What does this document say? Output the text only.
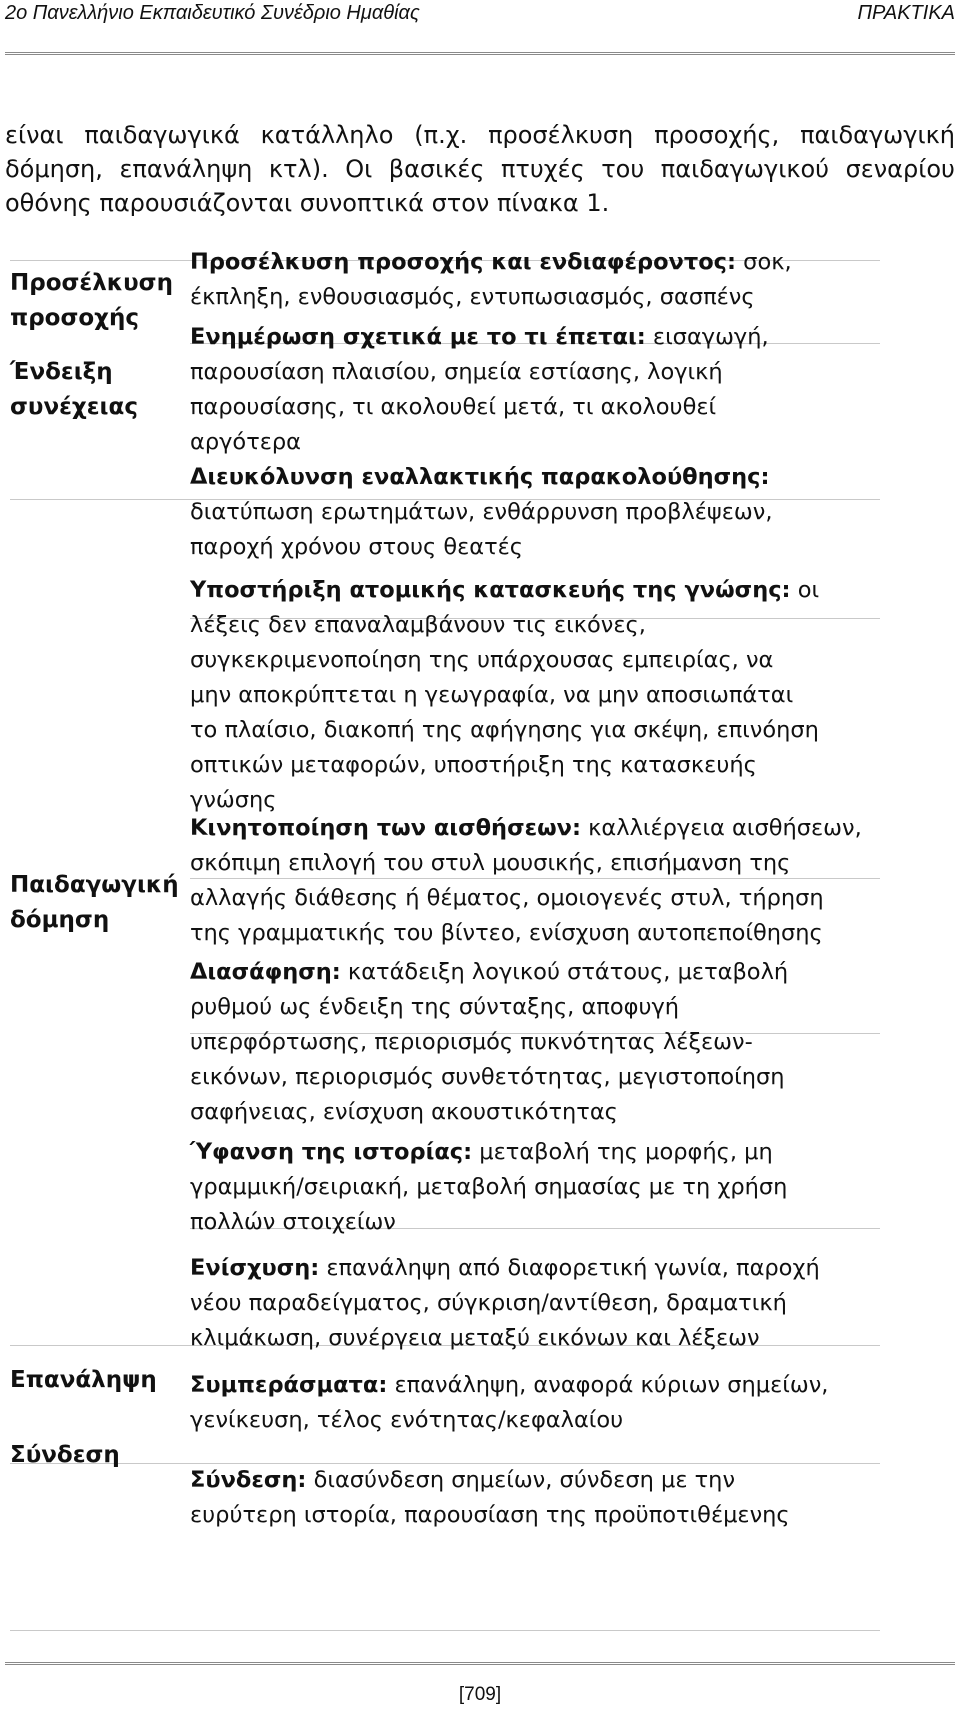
2ο Πανελλήνιο Εκπαιδευτικό Συνέδριο Ημαθίας	ΠΡΑΚΤΙΚΑ
είναι παιδαγωγικά κατάλληλο (π.χ. προσέλκυση προσοχής, παιδαγωγική
δόμηση, επανάληψη κτλ). Οι βασικές πτυχές του παιδαγωγικού σεναρίου
οθόνης παρουσιάζονται συνοπτικά στον πίνακα 1.
Προσέλκυση
προσοχής
Ένδειξη
συνέχειας
Παιδαγωγική
δόμηση
Επανάληψη
Σύνδεση
Προσέλκυση προσοχής και ενδιαφέροντος: σοκ,
έκπληξη, ενθουσιασμός, εντυπωσιασμός, σασπένς
Ενημέρωση σχετικά με το τι έπεται: εισαγωγή,
παρουσίαση πλαισίου, σημεία εστίασης, λογική
παρουσίασης, τι ακολουθεί μετά, τι ακολουθεί
αργότερα
Διευκόλυνση εναλλακτικής παρακολούθησης:
διατύπωση ερωτημάτων, ενθάρρυνση προβλέψεων,
παροχή χρόνου στους θεατές
Υποστήριξη ατομικής κατασκευής της γνώσης: οι
λέξεις δεν επαναλαμβάνουν τις εικόνες,
συγκεκριμενοποίηση της υπάρχουσας εμπειρίας, να
μην αποκρύπτεται η γεωγραφία, να μην αποσιωπάται
το πλαίσιο, διακοπή της αφήγησης για σκέψη, επινόηση
οπτικών μεταφορών, υποστήριξη της κατασκευής
γνώσης
Κινητοποίηση των αισθήσεων: καλλιέργεια αισθήσεων,
σκόπιμη επιλογή του στυλ μουσικής, επισήμανση της
αλλαγής διάθεσης ή θέματος, ομοιογενές στυλ, τήρηση
της γραμματικής του βίντεο, ενίσχυση αυτοπεποίθησης
Διασάφηση: κατάδειξη λογικού στάτους, μεταβολή
ρυθμού ως ένδειξη της σύνταξης, αποφυγή
υπερφόρτωσης, περιορισμός πυκνότητας λέξεων-
εικόνων, περιορισμός συνθετότητας, μεγιστοποίηση
σαφήνειας, ενίσχυση ακουστικότητας
Ύφανση της ιστορίας: μεταβολή της μορφής, μη
γραμμική/σειριακή, μεταβολή σημασίας με τη χρήση
πολλών στοιχείων
Ενίσχυση: επανάληψη από διαφορετική γωνία, παροχή
νέου παραδείγματος, σύγκριση/αντίθεση, δραματική
κλιμάκωση, συνέργεια μεταξύ εικόνων και λέξεων
Συμπεράσματα: επανάληψη, αναφορά κύριων σημείων,
γενίκευση, τέλος ενότητας/κεφαλαίου
Σύνδεση: διασύνδεση σημείων, σύνδεση με την
ευρύτερη ιστορία, παρουσίαση της προϋποτιθέμενης
[709]
